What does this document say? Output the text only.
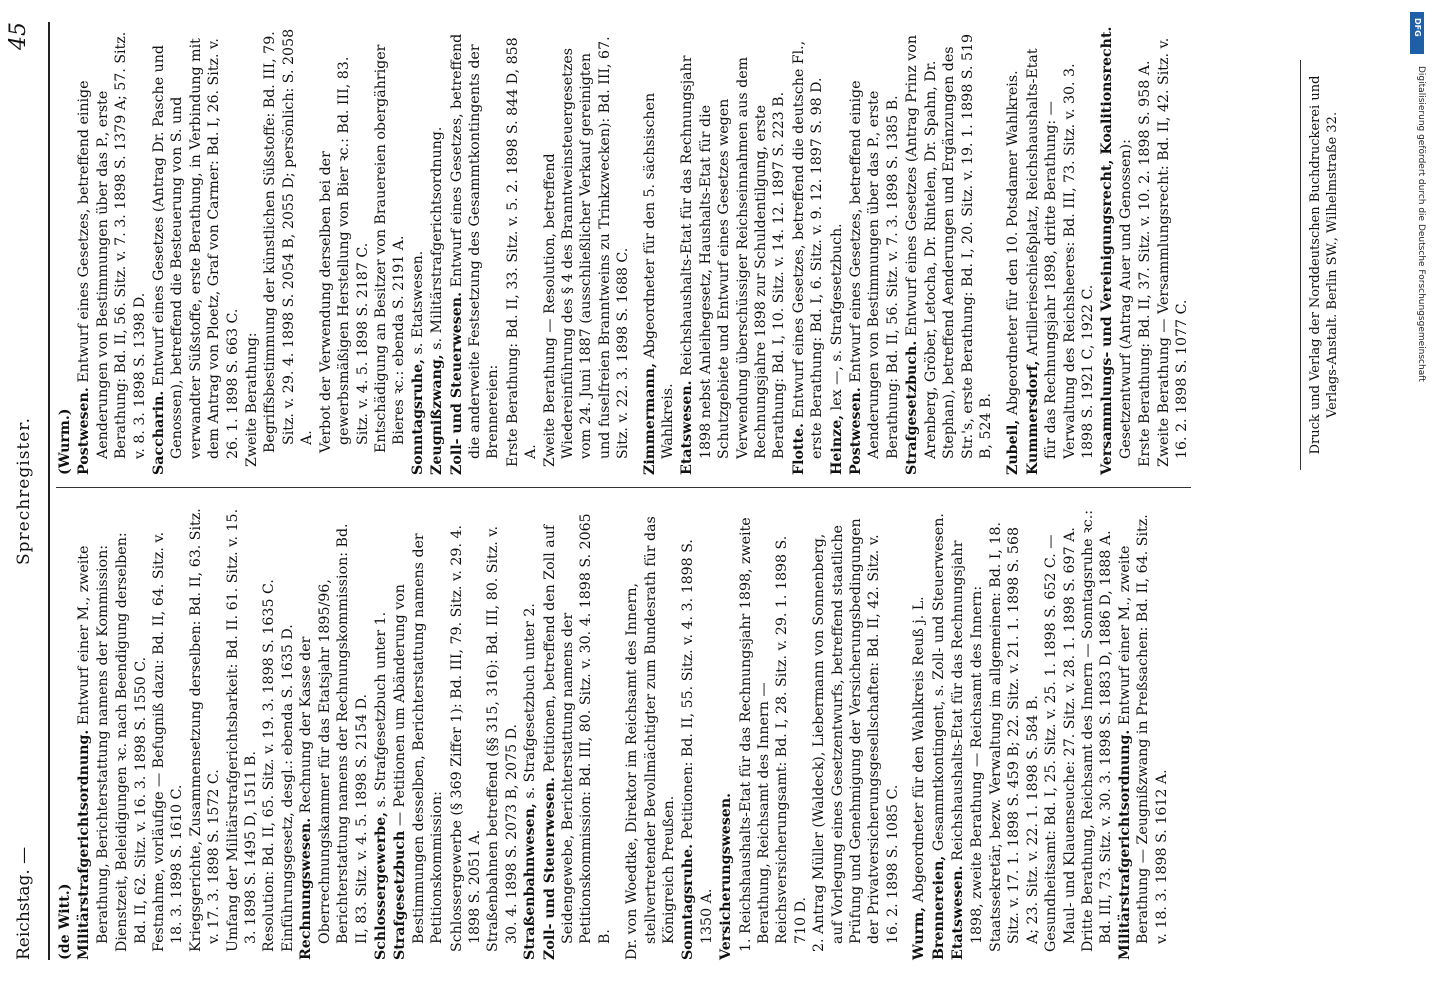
Reichstag. —
Sprechregister.
45
(de Witt.) Militärstrafgerichtsordnung. Entwurf einer M., zweite Berathung, Berichterstattung namens der Kommission: Dienstzeit, Beleidigungen ꝛc. nach Beendigung derselben: Bd. II, 62. Sitz. v. 16. 3. 1898 S. 1550 C. Festnahme, vorläufige — Befugniß dazu: Bd. II, 64. Sitz. v. 18. 3. 1898 S. 1610 C. Kriegsgerichte, Zusammensetzung derselben: Bd. II, 63. Sitz. v. 17. 3. 1898 S. 1572 C. Umfang der Militärstrafgerichtsbarkeit: Bd. II. 61. Sitz. v. 15. 3. 1898 S. 1495 D, 1511 B. Resolution: Bd. II, 65. Sitz. v. 19. 3. 1898 S. 1635 C. Einführungsgesetz, desgl.: ebenda S. 1635 D. Rechnungswesen. Rechnung der Kasse der Oberrechnungskammer für das Etatsjahr 1895/96, Berichterstattung namens der Rechnungskommission: Bd. II, 83. Sitz. v. 4. 5. 1898 S. 2154 D. Schlossergewerbe, s. Strafgesetzbuch unter 1.
Strafgesetzbuch — Petitionen um Abänderung von Bestimmungen desselben, Berichterstattung namens der Petitionskommission: Schlossergewerbe (§ 369 Ziffer 1): Bd. III, 79. Sitz. v. 29. 4. 1898 S. 2051 A. Straßenbahnen betreffend (§§ 315, 316): Bd. III, 80. Sitz. v. 30. 4. 1898 S. 2073 B, 2075 D. Straßenbahnwesen, s. Strafgesetzbuch unter 2.
Zoll- und Steuerwesen. Petitionen, betreffend den Zoll auf Seidengewebe, Berichterstattung namens der Petitionskommission: Bd. III, 80. Sitz. v. 30. 4. 1898 S. 2065 B. Dr. von Woedtke, Direktor im Reichsamt des Innern, stellvertretender Bevollmächtigter zum Bundesrath für das Königreich Preußen. Sonntagsruhe. Petitionen: Bd. II, 55. Sitz. v. 4. 3. 1898 S. 1350 A. Versicherungswesen. 1. Reichshaushalts-Etat für das Rechnungsjahr 1898, zweite Berathung, Reichsamt des Innern — Reichsversicherungsamt: Bd. I, 28. Sitz. v. 29. 1. 1898 S. 710 D. 2. Antrag Müller (Waldeck), Liebermann von Sonnenberg, auf Vorlegung eines Gesetzentwurfs, betreffend staatliche Prüfung und Genehmigung der Versicherungsbedingungen der Privatversicherungsgesellschaften: Bd. II, 42. Sitz. v. 16. 2. 1898 S. 1085 C. Wurm, Abgeordneter für den Wahlkreis Reuß j. L.
Brennereien, Gesammtkontingent, s. Zoll- und Steuerwesen.
Etatswesen. Reichshaushalts-Etat für das Rechnungsjahr 1898, zweite Berathung — Reichsamt des Innern: Staatssekretär, bezw. Verwaltung im allgemeinen: Bd. I, 18. Sitz. v. 17. 1. 1898 S. 459 B; 22. Sitz. v. 21. 1. 1898 S. 568 A; 23. Sitz. v. 22. 1. 1898 S. 584 B. Gesundheitsamt: Bd. I, 25. Sitz. v. 25. 1. 1898 S. 652 C. — Maul- und Klauenseuche: 27. Sitz. v. 28. 1. 1898 S. 697 A. Dritte Berathung, Reichsamt des Innern — Sonntagsruhe ꝛc.: Bd. III, 73. Sitz. v. 30. 3. 1898 S. 1883 D, 1886 D, 1888 A. Militärstrafgerichtsordnung. Entwurf einer M., zweite Berathung — Zeugnißzwang in Preßsachen: Bd. II, 64. Sitz. v. 18. 3. 1898 S. 1612 A.
(Wurm.) Postwesen. Entwurf eines Gesetzes, betreffend einige Aenderungen von Bestimmungen über das P., erste Berathung: Bd. II, 56. Sitz. v. 7. 3. 1898 S. 1379 A; 57. Sitz. v. 8. 3. 1898 S. 1398 D. Saccharin. Entwurf eines Gesetzes (Antrag Dr. Pasche und Genossen), betreffend die Besteuerung von S. und verwandter Süßstoffe, erste Berathung, in Verbindung mit dem Antrag von Ploetz, Graf von Carmer: Bd. I, 26. Sitz. v. 26. 1. 1898 S. 663 C. Zweite Berathung: Begriffsbestimmung der künstlichen Süßstoffe: Bd. III, 79. Sitz. v. 29. 4. 1898 S. 2054 B, 2055 D; persönlich: S. 2058 A. Verbot der Verwendung derselben bei der gewerbsmäßigen Herstellung von Bier ꝛc.: Bd. III, 83. Sitz. v. 4. 5. 1898 S. 2187 C. Entschädigung an Besitzer von Brauereien obergähriger Bieres ꝛc.: ebenda S. 2191 A. Sonntagsruhe, s. Etatswesen.
Zeugnißzwang, s. Militärstrafgerichtsordnung.
Zoll- und Steuerwesen. Entwurf eines Gesetzes, betreffend die anderweite Festsetzung des Gesammtkontingents der Brennereien: Erste Berathung: Bd. II, 33. Sitz. v. 5. 2. 1898 S. 844 D, 858 A. Zweite Berathung — Resolution, betreffend Wiedereinführung des § 4 des Branntweinsteuergesetzes vom 24. Juni 1887 (ausschließlicher Verkauf gereinigten und fuselfreien Branntweins zu Trinkzwecken): Bd. III, 67. Sitz. v. 22. 3. 1898 S. 1688 C. Zimmermann, Abgeordneter für den 5. sächsischen Wahlkreis. Etatswesen. Reichshaushalts-Etat für das Rechnungsjahr 1898 nebst Anleihegesetz, Haushalts-Etat für die Schutzgebiete und Entwurf eines Gesetzes wegen Verwendung überschüssiger Reichseinnahmen aus dem Rechnungsjahre 1898 zur Schuldentilgung, erste Berathung: Bd. I, 10. Sitz. v. 14. 12. 1897 S. 223 B. Flotte. Entwurf eines Gesetzes, betreffend die deutsche Fl., erste Berathung: Bd. I, 6. Sitz. v. 9. 12. 1897 S. 98 D. Heinze, lex —, s. Strafgesetzbuch.
Postwesen. Entwurf eines Gesetzes, betreffend einige Aenderungen von Bestimmungen über das P., erste Berathung: Bd. II, 56. Sitz. v. 7. 3. 1898 S. 1385 B. Strafgesetzbuch. Entwurf eines Gesetzes (Antrag Prinz von Arenberg, Gröber, Letocha, Dr. Rintelen, Dr. Spahn, Dr. Stephan), betreffend Aenderungen und Ergänzungen des Str.'s, erste Berathung: Bd. I, 20. Sitz. v. 19. 1. 1898 S. 519 B, 524 B. Zubeil, Abgeordneter für den 10. Potsdamer Wahlkreis. Kummersdorf, Artillerieschießplatz, Reichshaushalts-Etat für das Rechnungsjahr 1898, dritte Berathung: — Verwaltung des Reichsheeres: Bd. III, 73. Sitz. v. 30. 3. 1898 S. 1921 C, 1922 C. Versammlungs- und Vereinigungsrecht, Koalitionsrecht. Gesetzentwurf (Antrag Auer und Genossen): Erste Berathung: Bd. II, 37. Sitz. v. 10. 2. 1898 S. 958 A. Zweite Berathung — Versammlungsrecht: Bd. II, 42. Sitz. v. 16. 2. 1898 S. 1077 C.	Druck und Verlag der Norddeutschen Buchdruckerei und Verlags-Anstalt. Berlin SW., Wilhelmstraße 32.
DFG
Digitalisierung gefördert durch die Deutsche Forschungsgemeinschaft
